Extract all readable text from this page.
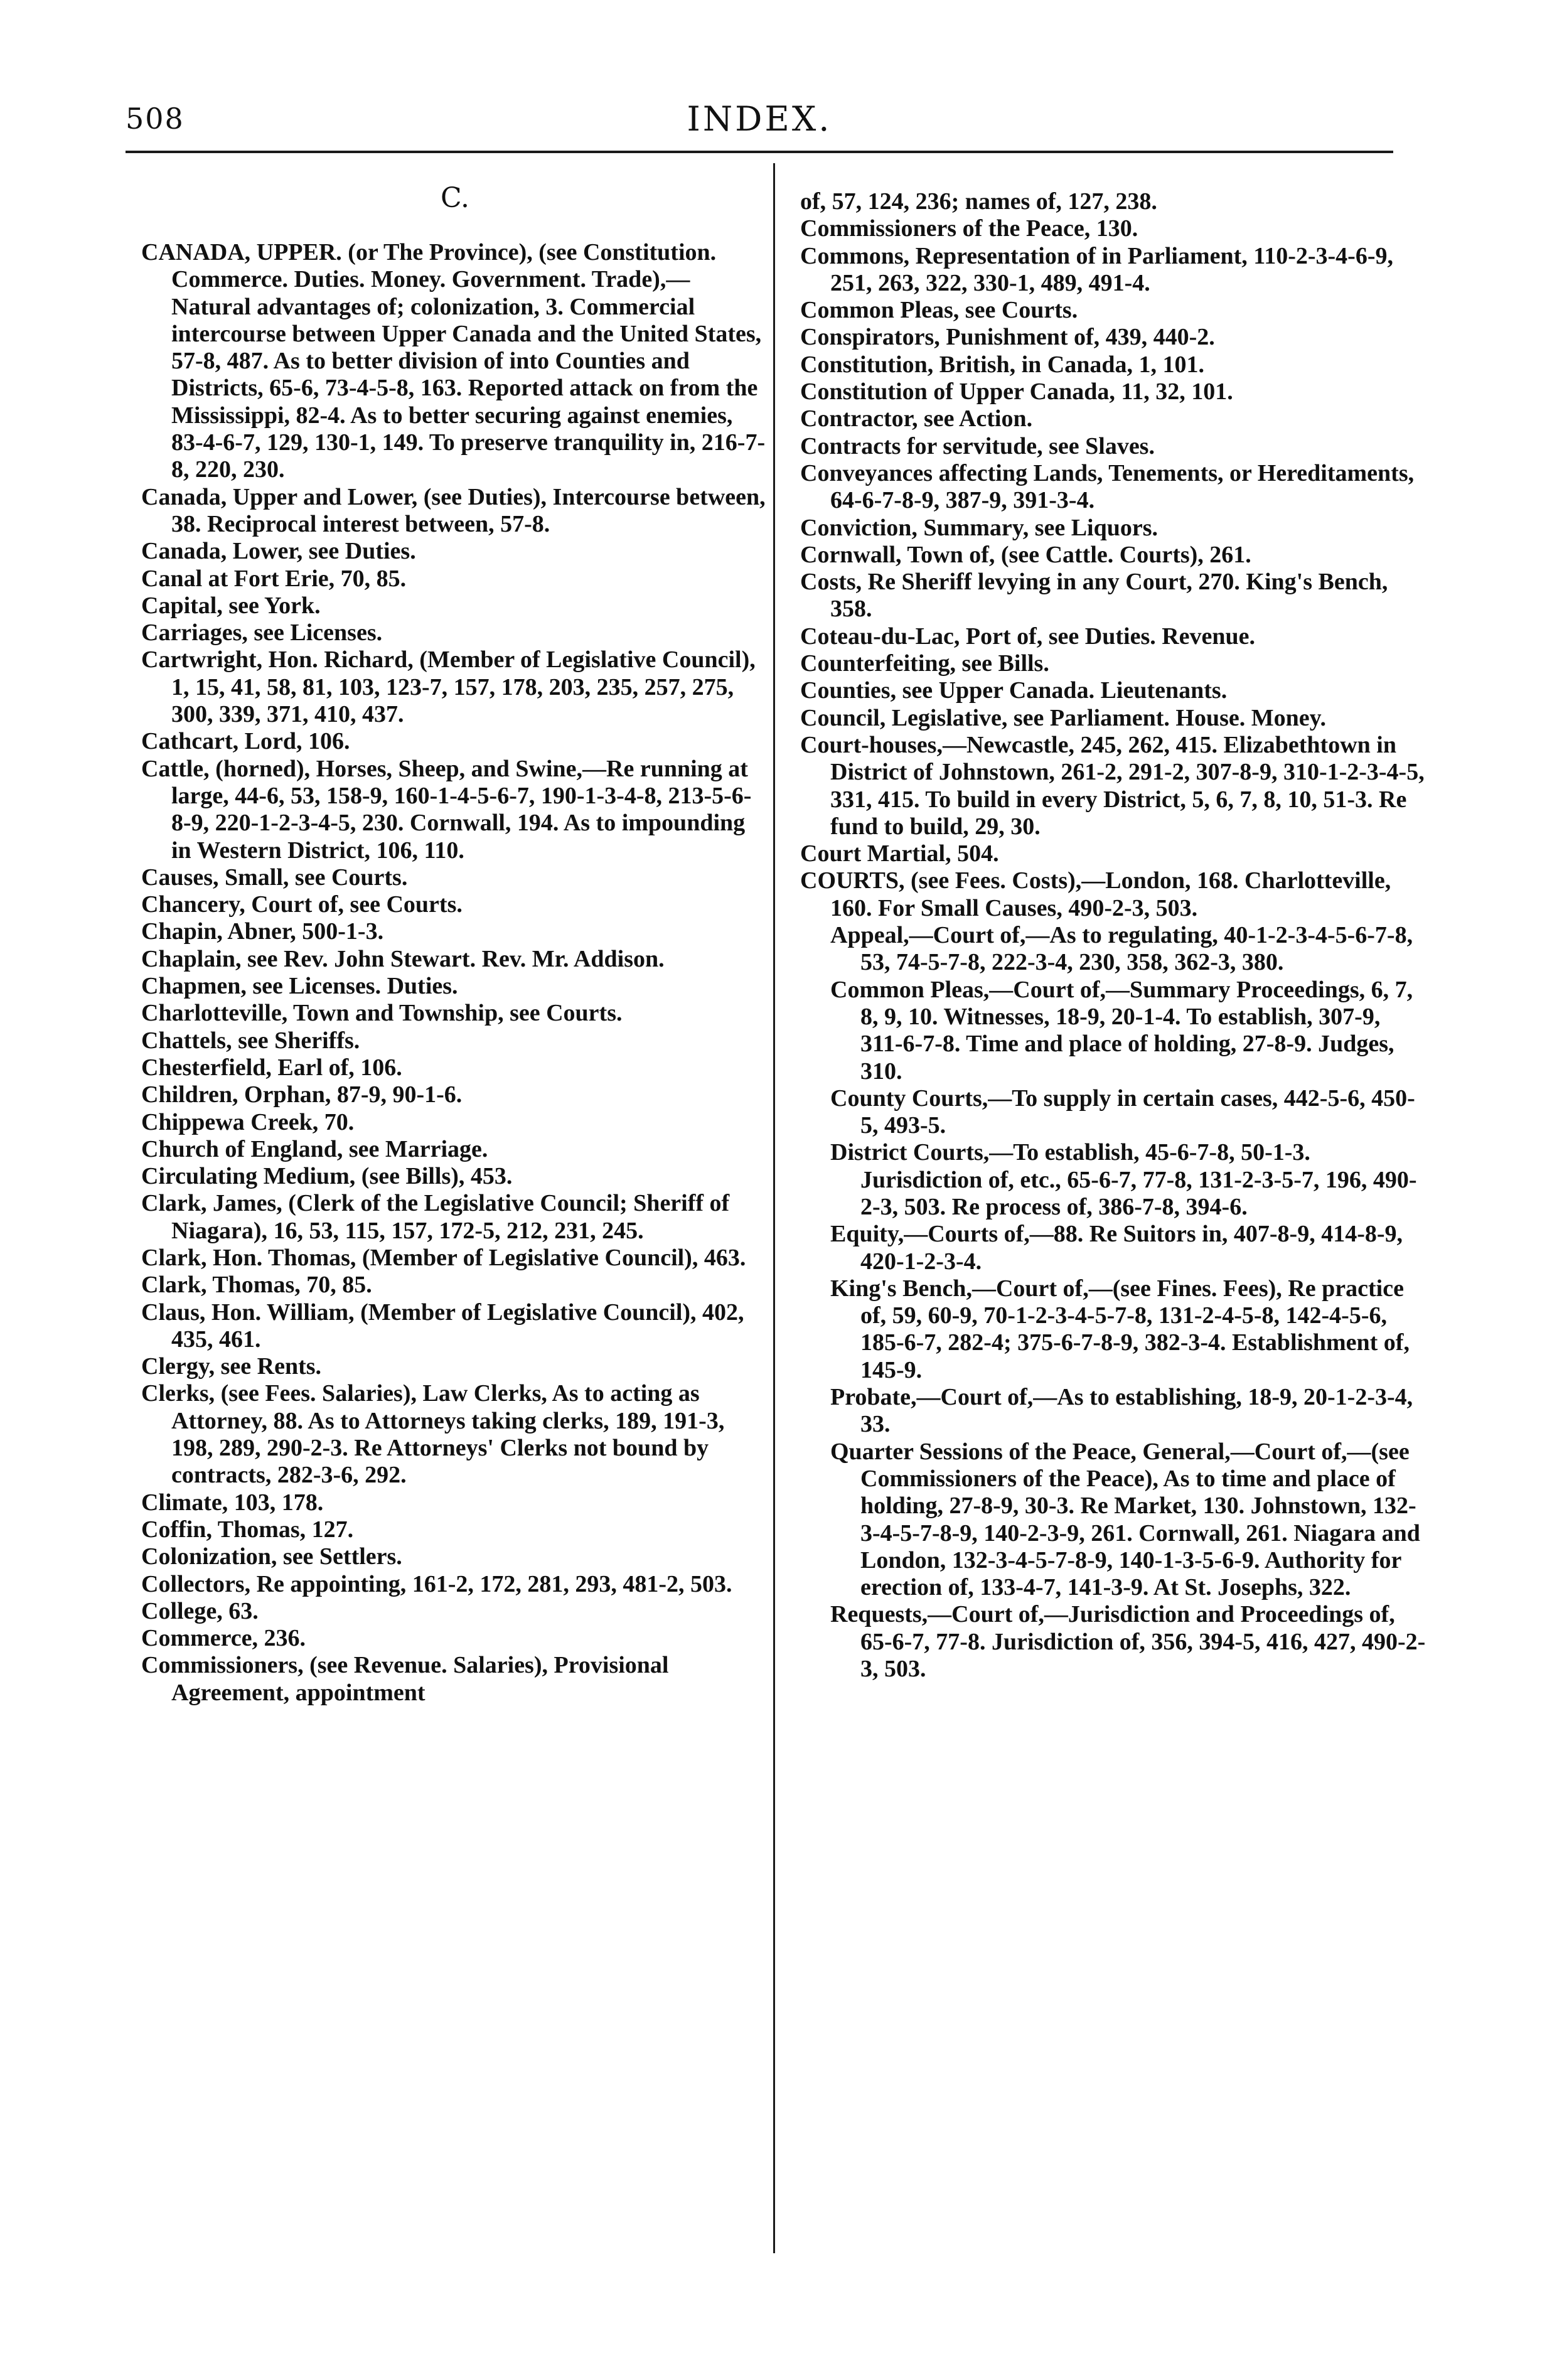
508	INDEX.
C.
CANADA, UPPER. (or The Province), (see Constitution. Commerce. Duties. Money. Government. Trade),—Natural advantages of; colonization, 3. Commercial intercourse between Upper Canada and the United States, 57-8, 487. As to better division of into Counties and Districts, 65-6, 73-4-5-8, 163. Reported attack on from the Mississippi, 82-4. As to better securing against enemies, 83-4-6-7, 129, 130-1, 149. To preserve tranquility in, 216-7-8, 220, 230.
Canada, Upper and Lower, (see Duties), Intercourse between, 38. Reciprocal interest between, 57-8.
Canada, Lower, see Duties.
Canal at Fort Erie, 70, 85.
Capital, see York.
Carriages, see Licenses.
Cartwright, Hon. Richard, (Member of Legislative Council), 1, 15, 41, 58, 81, 103, 123-7, 157, 178, 203, 235, 257, 275, 300, 339, 371, 410, 437.
Cathcart, Lord, 106.
Cattle, (horned), Horses, Sheep, and Swine,—Re running at large, 44-6, 53, 158-9, 160-1-4-5-6-7, 190-1-3-4-8, 213-5-6-8-9, 220-1-2-3-4-5, 230. Cornwall, 194. As to impounding in Western District, 106, 110.
Causes, Small, see Courts.
Chancery, Court of, see Courts.
Chapin, Abner, 500-1-3.
Chaplain, see Rev. John Stewart. Rev. Mr. Addison.
Chapmen, see Licenses. Duties.
Charlotteville, Town and Township, see Courts.
Chattels, see Sheriffs.
Chesterfield, Earl of, 106.
Children, Orphan, 87-9, 90-1-6.
Chippewa Creek, 70.
Church of England, see Marriage.
Circulating Medium, (see Bills), 453.
Clark, James, (Clerk of the Legislative Council; Sheriff of Niagara), 16, 53, 115, 157, 172-5, 212, 231, 245.
Clark, Hon. Thomas, (Member of Legislative Council), 463.
Clark, Thomas, 70, 85.
Claus, Hon. William, (Member of Legislative Council), 402, 435, 461.
Clergy, see Rents.
Clerks, (see Fees. Salaries), Law Clerks, As to acting as Attorney, 88. As to Attorneys taking clerks, 189, 191-3, 198, 289, 290-2-3. Re Attorneys' Clerks not bound by contracts, 282-3-6, 292.
Climate, 103, 178.
Coffin, Thomas, 127.
Colonization, see Settlers.
Collectors, Re appointing, 161-2, 172, 281, 293, 481-2, 503.
College, 63.
Commerce, 236.
Commissioners, (see Revenue. Salaries), Provisional Agreement, appointment
of, 57, 124, 236; names of, 127, 238.
Commissioners of the Peace, 130.
Commons, Representation of in Parliament, 110-2-3-4-6-9, 251, 263, 322, 330-1, 489, 491-4.
Common Pleas, see Courts.
Conspirators, Punishment of, 439, 440-2.
Constitution, British, in Canada, 1, 101.
Constitution of Upper Canada, 11, 32, 101.
Contractor, see Action.
Contracts for servitude, see Slaves.
Conveyances affecting Lands, Tenements, or Hereditaments, 64-6-7-8-9, 387-9, 391-3-4.
Conviction, Summary, see Liquors.
Cornwall, Town of, (see Cattle. Courts), 261.
Costs, Re Sheriff levying in any Court, 270. King's Bench, 358.
Coteau-du-Lac, Port of, see Duties. Revenue.
Counterfeiting, see Bills.
Counties, see Upper Canada. Lieutenants.
Council, Legislative, see Parliament. House. Money.
Court-houses,—Newcastle, 245, 262, 415. Elizabethtown in District of Johnstown, 261-2, 291-2, 307-8-9, 310-1-2-3-4-5, 331, 415. To build in every District, 5, 6, 7, 8, 10, 51-3. Re fund to build, 29, 30.
Court Martial, 504.
COURTS, (see Fees. Costs),—London, 168. Charlotteville, 160. For Small Causes, 490-2-3, 503.
Appeal,—Court of,—As to regulating, 40-1-2-3-4-5-6-7-8, 53, 74-5-7-8, 222-3-4, 230, 358, 362-3, 380.
Common Pleas,—Court of,—Summary Proceedings, 6, 7, 8, 9, 10. Witnesses, 18-9, 20-1-4. To establish, 307-9, 311-6-7-8. Time and place of holding, 27-8-9. Judges, 310.
County Courts,—To supply in certain cases, 442-5-6, 450-5, 493-5.
District Courts,—To establish, 45-6-7-8, 50-1-3. Jurisdiction of, etc., 65-6-7, 77-8, 131-2-3-5-7, 196, 490-2-3, 503. Re process of, 386-7-8, 394-6.
Equity,—Courts of,—88. Re Suitors in, 407-8-9, 414-8-9, 420-1-2-3-4.
King's Bench,—Court of,—(see Fines. Fees), Re practice of, 59, 60-9, 70-1-2-3-4-5-7-8, 131-2-4-5-8, 142-4-5-6, 185-6-7, 282-4; 375-6-7-8-9, 382-3-4. Establishment of, 145-9.
Probate,—Court of,—As to establishing, 18-9, 20-1-2-3-4, 33.
Quarter Sessions of the Peace, General,—Court of,—(see Commissioners of the Peace), As to time and place of holding, 27-8-9, 30-3. Re Market, 130. Johnstown, 132-3-4-5-7-8-9, 140-2-3-9, 261. Cornwall, 261. Niagara and London, 132-3-4-5-7-8-9, 140-1-3-5-6-9. Authority for erection of, 133-4-7, 141-3-9. At St. Josephs, 322.
Requests,—Court of,—Jurisdiction and Proceedings of, 65-6-7, 77-8. Jurisdiction of, 356, 394-5, 416, 427, 490-2-3, 503.
